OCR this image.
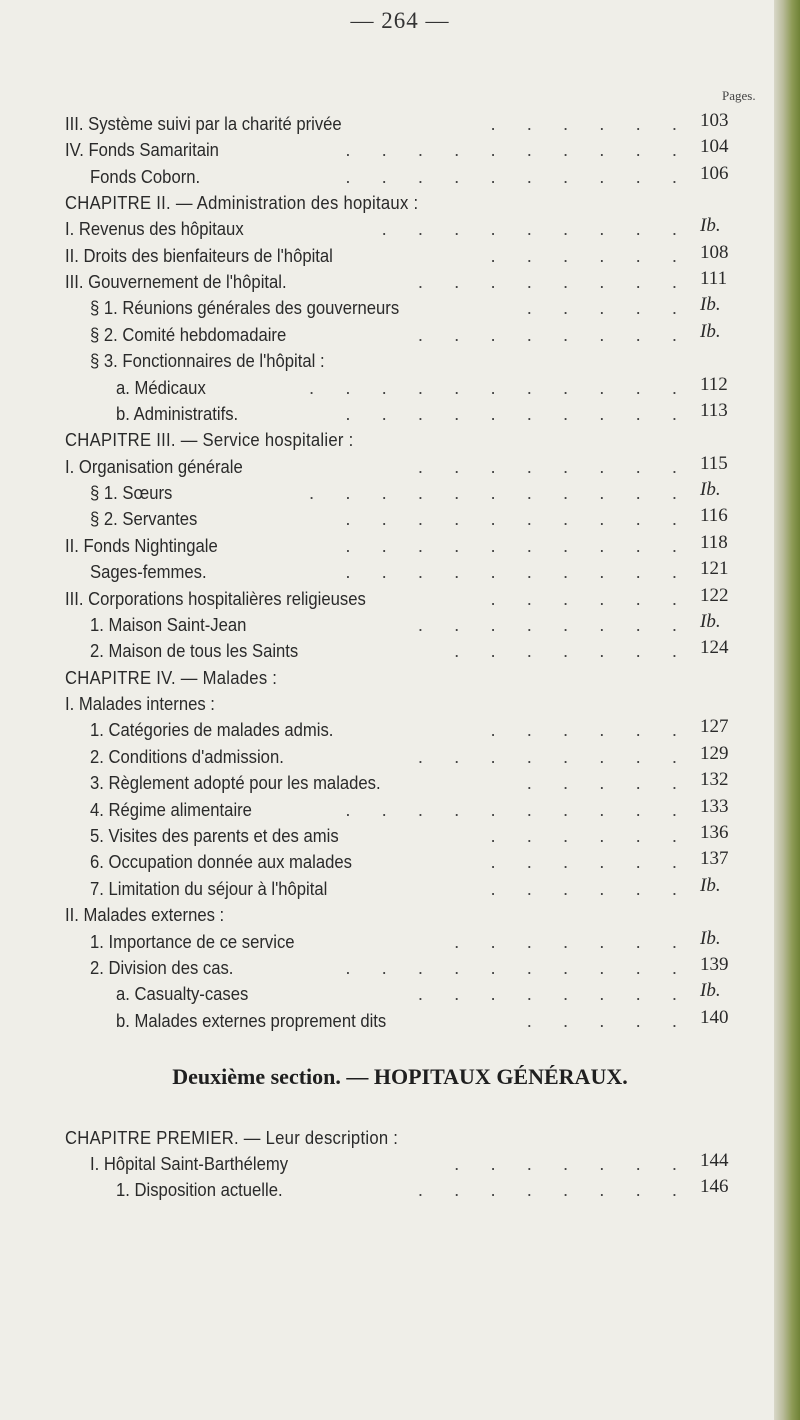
— 264 —
Pages.
. . . . . .
III. Système suivi par la charité privée	103
. . . . . . . . . .
IV. Fonds Samaritain	104
. . . . . . . . . .
Fonds Coborn.	106
CHAPITRE II. — Administration des hopitaux :
. . . . . . . . .
I. Revenus des hôpitaux	Ib.
. . . . . .
II. Droits des bienfaiteurs de l'hôpital	108
. . . . . . . .
III. Gouvernement de l'hôpital.	111
. . . . .
§ 1. Réunions générales des gouverneurs	Ib.
. . . . . . . .
§ 2. Comité hebdomadaire	Ib.
§ 3. Fonctionnaires de l'hôpital :
. . . . . . . . . . .
a. Médicaux	112
. . . . . . . . . .
b. Administratifs.	113
CHAPITRE III. — Service hospitalier :
. . . . . . . .
I. Organisation générale	115
. . . . . . . . . . .
§ 1. Sœurs	Ib.
. . . . . . . . . .
§ 2. Servantes	116
. . . . . . . . . .
II. Fonds Nightingale	118
. . . . . . . . . .
Sages-femmes.	121
. . . . . .
III. Corporations hospitalières religieuses	122
. . . . . . . .
1. Maison Saint-Jean	Ib.
. . . . . . .
2. Maison de tous les Saints	124
CHAPITRE IV. — Malades :
I. Malades internes :
. . . . . .
1. Catégories de malades admis.	127
. . . . . . . .
2. Conditions d'admission.	129
. . . . .
3. Règlement adopté pour les malades.	132
. . . . . . . . . .
4. Régime alimentaire	133
. . . . . .
5. Visites des parents et des amis	136
. . . . . .
6. Occupation donnée aux malades	137
. . . . . .
7. Limitation du séjour à l'hôpital	Ib.
II. Malades externes :
. . . . . . .
1. Importance de ce service	Ib.
. . . . . . . . . .
2. Division des cas.	139
. . . . . . . .
a. Casualty-cases	Ib.
. . . . .
b. Malades externes proprement dits	140
Deuxième section. — HOPITAUX GÉNÉRAUX.
CHAPITRE PREMIER. — Leur description :
. . . . . . .
I. Hôpital Saint-Barthélemy	144
. . . . . . . .
1. Disposition actuelle.	146
